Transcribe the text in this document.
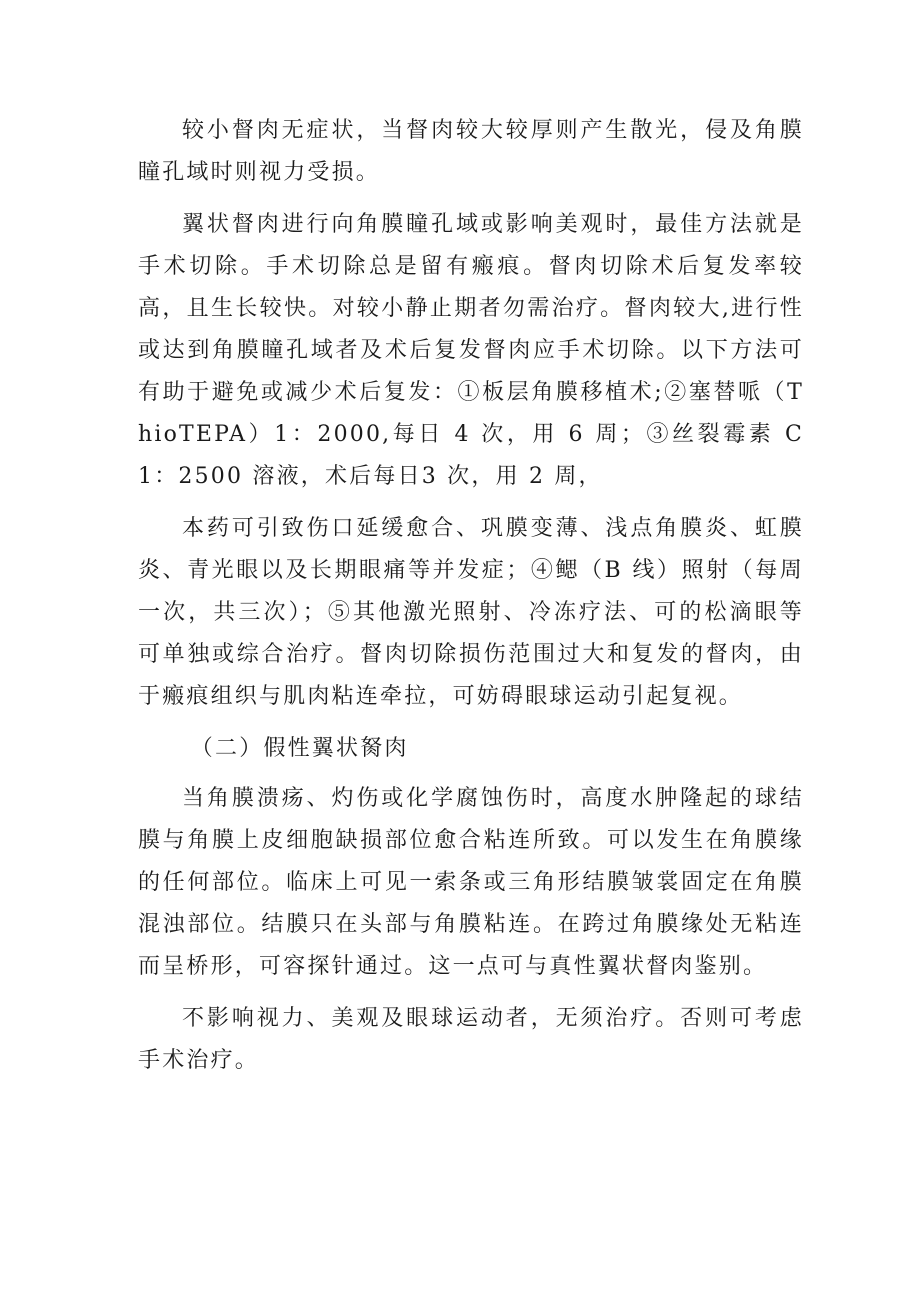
较小督肉无症状，当督肉较大较厚则产生散光，侵及角膜瞳孔域时则视力受损。

翼状督肉进行向角膜瞳孔域或影响美观时，最佳方法就是手术切除。手术切除总是留有瘢痕。督肉切除术后复发率较高，且生长较快。对较小静止期者勿需治疗。督肉较大,进行性或达到角膜瞳孔域者及术后复发督肉应手术切除。以下方法可有助于避免或减少术后复发：①板层角膜移植术;②塞替哌（ThioTEPA）1：2000,每日 4 次，用 6 周；③丝裂霉素 C1：2500 溶液，术后每日3 次，用 2 周，

本药可引致伤口延缓愈合、巩膜变薄、浅点角膜炎、虹膜炎、青光眼以及长期眼痛等并发症；④鳃（B 线）照射（每周一次，共三次）；⑤其他激光照射、冷冻疗法、可的松滴眼等可单独或综合治疗。督肉切除损伤范围过大和复发的督肉，由于瘢痕组织与肌肉粘连牵拉，可妨碍眼球运动引起复视。

（二）假性翼状胬肉

当角膜溃疡、灼伤或化学腐蚀伤时，高度水肿隆起的球结膜与角膜上皮细胞缺损部位愈合粘连所致。可以发生在角膜缘的任何部位。临床上可见一索条或三角形结膜皱裳固定在角膜混浊部位。结膜只在头部与角膜粘连。在跨过角膜缘处无粘连而呈桥形，可容探针通过。这一点可与真性翼状督肉鉴别。

不影响视力、美观及眼球运动者，无须治疗。否则可考虑手术治疗。
